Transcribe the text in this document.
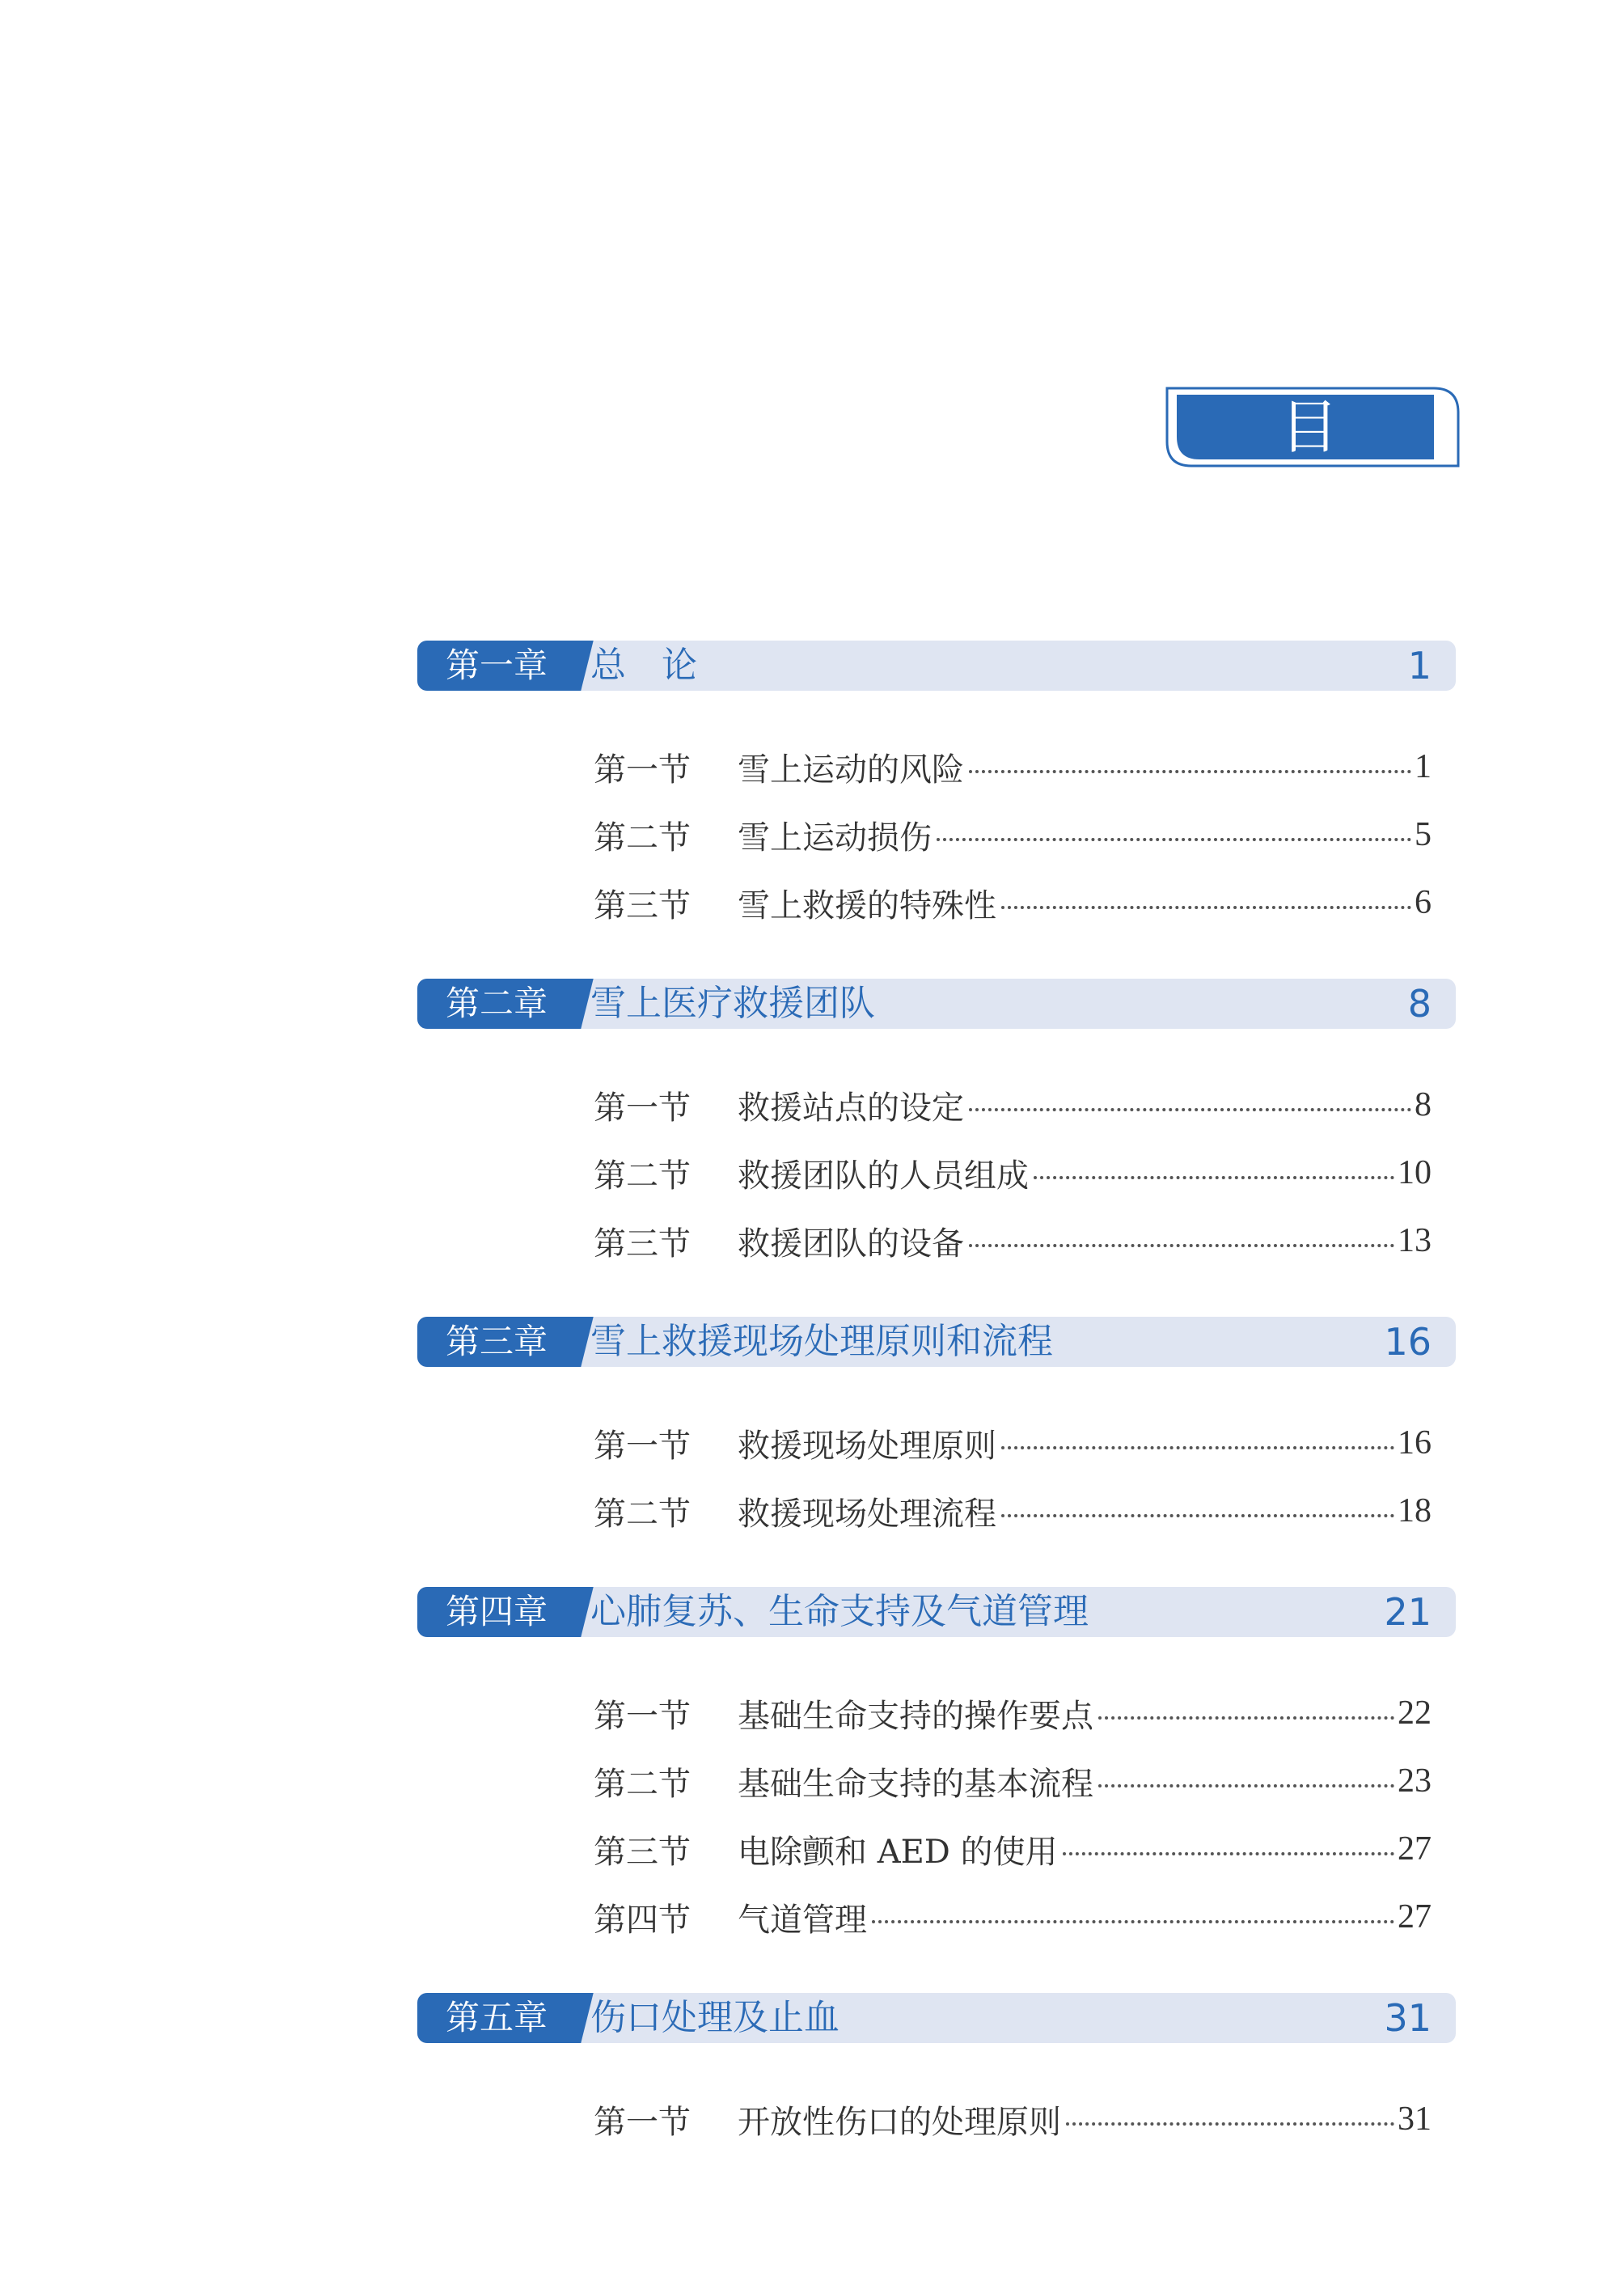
目 录
第一章	总　论	1
第一节	雪上运动的风险	1
第二节	雪上运动损伤	5
第三节	雪上救援的特殊性	6
第二章	雪上医疗救援团队	8
第一节	救援站点的设定	8
第二节	救援团队的人员组成	10
第三节	救援团队的设备	13
第三章	雪上救援现场处理原则和流程	16
第一节	救援现场处理原则	16
第二节	救援现场处理流程	18
第四章	心肺复苏、生命支持及气道管理	21
第一节	基础生命支持的操作要点	22
第二节	基础生命支持的基本流程	23
第三节	电除颤和 AED 的使用	27
第四节	气道管理	27
第五章	伤口处理及止血	31
第一节	开放性伤口的处理原则	31
